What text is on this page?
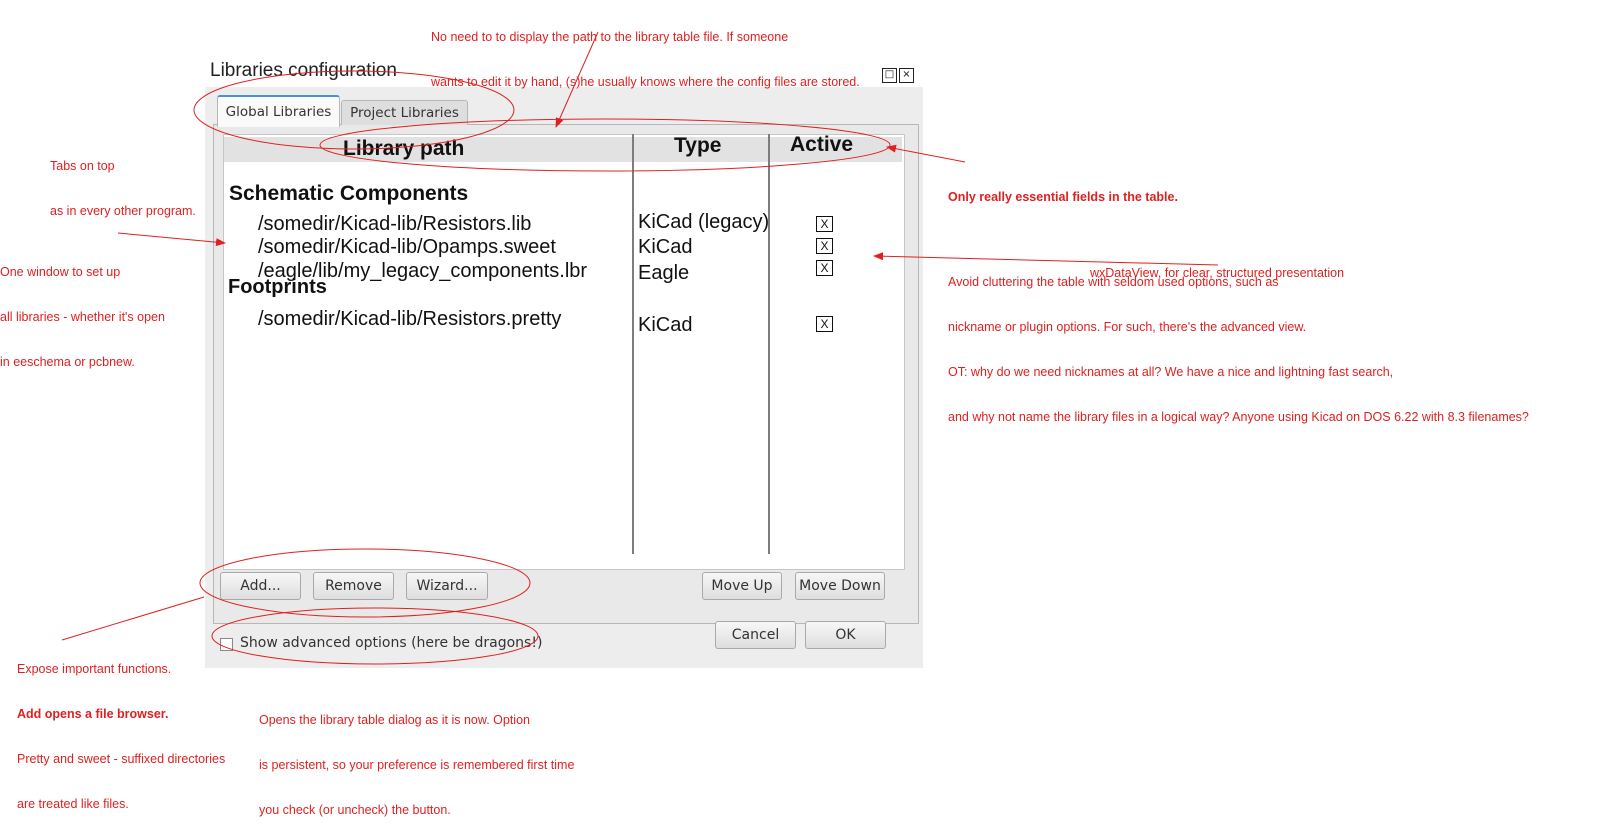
Libraries configuration	□ ×
Global Libraries	Project Libraries
Library path	Type	Active
Schematic Components
/somedir/Kicad-lib/Resistors.lib	KiCad (legacy)	X
/somedir/Kicad-lib/Opamps.sweet	KiCad	X
/eagle/lib/my_legacy_components.lbr	Eagle	X
Footprints
/somedir/Kicad-lib/Resistors.pretty	KiCad	X
Add...	Remove	Wizard...	Move Up	Move Down
Show advanced options (here be dragons!)	Cancel	OK

No need to to display the path to the library table file. If someone

wants to edit it by hand, (s)he usually knows where the config files are stored.

Tabs on top

as in every other program.

One window to set up

all libraries - whether it's open

in eeschema or pcbnew.

Only really essential fields in the table.

Avoid cluttering the table with seldom used options, such as

nickname or plugin options. For such, there's the advanced view.

OT: why do we need nicknames at all? We have a nice and lightning fast search,

and why not name the library files in a logical way? Anyone using Kicad on DOS 6.22 with 8.3 filenames?

wxDataView, for clear, structured presentation

Expose important functions.

Add opens a file browser.

Pretty and sweet - suffixed directories

are treated like files.

Opens the library table dialog as it is now. Option

is persistent, so your preference is remembered first time

you check (or uncheck) the button.
